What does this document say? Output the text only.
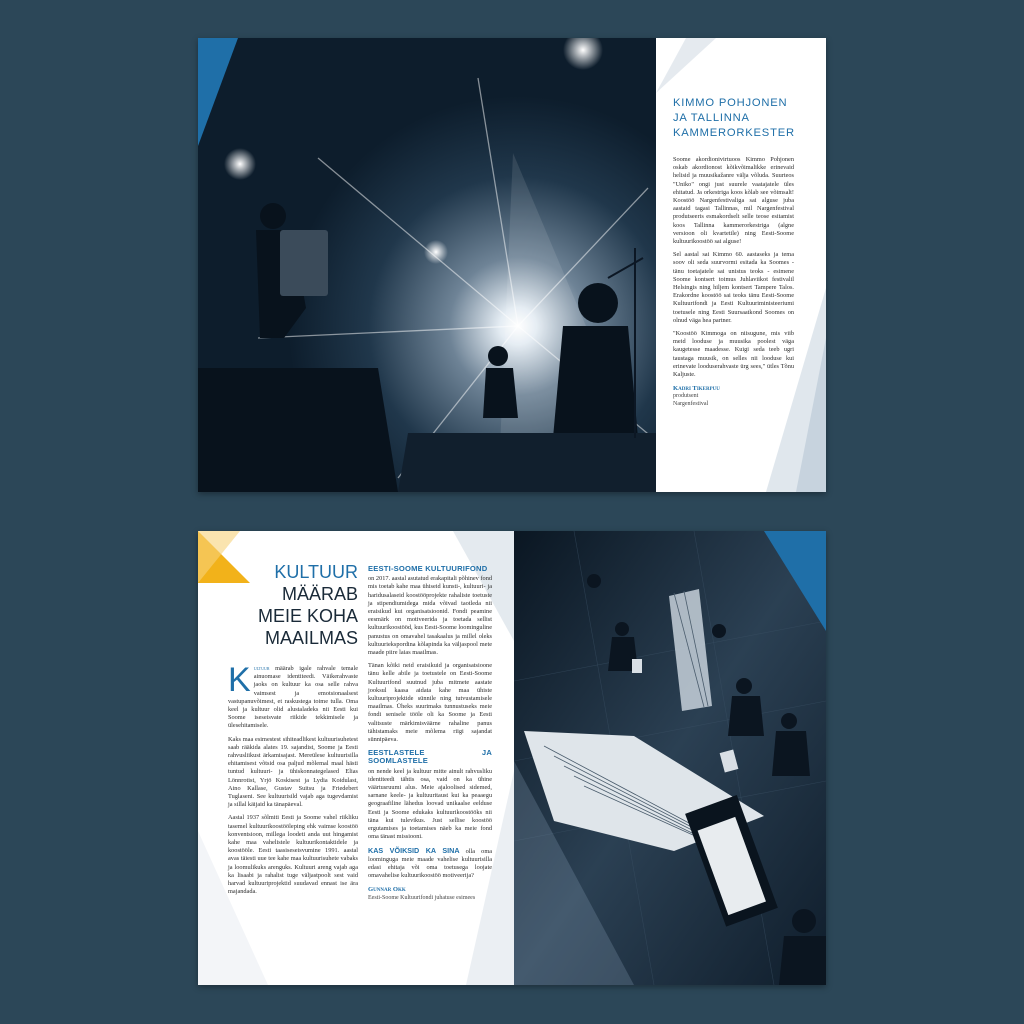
KIMMO POHJONEN
JA TALLINNA
KAMMERORKESTER

Soome akordionivirtuoos Kimmo Pohjonen oskab akordionost kõikvõimalikke erinevaid helisid ja muusikažanre välja võluda. Suurteos "Uniko" ongi just suurele vaatajatele üles ehitatud. Ja orkestriga koos kõlab see võimsalt! Koostöö Nargenfestivaliga sai alguse juba aastaid tagasi Tallinnas, mil Nargenfestival produtseeris esmakordselt selle teose esitamist koos Tallinna kammerorkestriga (algne versioon oli kvartetile) ning Eesti-Soome kultuurikoostöö sai alguse!

Sel aastal sai Kimmo 60. aastaseks ja tema soov oli seda suurvormi esitada ka Soomes - tänu toetajatele sai unistus teoks - esimene Soome kontsert toimus Juhlaviikot festivalil Helsingis ning hiljem kontsert Tampere Talos. Erakordne koostöö sai teoks tänu Eesti-Soome Kultuurifondi ja Eesti Kultuuriministeeriumi toetusele ning Eesti Suursaatkond Soomes on olnud väga hea partner.

"Koostöö Kimmoga on niisugune, mis viib meid looduse ja muusika poolest väga kaugetesse maadesse. Kuigi seda teeb ugri taustaga muusik, on selles nii looduse kui erinevate looduserahvaste ürg sees," ütles Tõnu Kaljuste.

Kadri Tikerpuu
produtsent
Nargenfestival
KULTUUR
MÄÄRAB
MEIE KOHA
MAAILMAS

Kultuur määrab igale rahvale temale ainuomase identiteedi. Väikerahvaste jaoks on kultuur ka osa selle rahva vaimsest ja emotsionaalsest vastupanuvõimest, et raskustega toime tulla. Oma keel ja kultuur olid alustaladeks nii Eesti kui Soome iseseisvate riikide tekkimisele ja ülesehitamisele.

Kaks maa esimestest sihiteadlikest kultuurisuhetest saab rääkida alates 19. sajandist, Soome ja Eesti rahvusliikust ärkamisajast. Mereülese kultuurisilla ehitamisest võtsid osa paljud mõlemal maal hästi tuntud kultuuri- ja ühiskonnategelased Elias Lönnrotist, Yrjö Koskisest ja Lydia Koidulast, Aino Kallase, Gustav Suitsu ja Friedebert Tuglaseni. See kultuurisild vajab aga tugevdamist ja sillal käijaid ka tänapäeval.

Aastal 1937 sõlmiti Eesti ja Soome vahel riikliku tasemel kultuurikoostööleping ehk vaimse koostöö konventsioon, millega loodeti anda uut hingamist kahe maa vahelistele kultuurikontaktidele ja koostööle. Eesti taasiseseisvumine 1991. aastal avas täiesti uue tee kahe maa kultuurisuhete vabaks ja loomulikuks arenguks. Kultuuri areng vajab aga ka lisaabi ja rahalist tuge väljastpoolt sest vaid harvad kultuuriprojektid suudavad ennast ise ära majandada.

EESTI-SOOME KULTUURIFOND

on 2017. aastal asutatud erakapitali põhinev fond mis toetab kahe maa ühiseid kunsti-, kultuuri- ja haridusalaseid koostööprojekte rahaliste toetuste ja stipendiumidega mida võivad taotleda nii eraisikud kui organisatsioonid. Fondi peamine eesmärk on motiveerida ja toetada sellist kultuurikoostööd, kus Eesti-Soome loominguline panustus on omavahel tasakaalus ja millel oleks kultuuriekspordina kõlapinda ka väljaspool mete maade piire laias maailmas.

Tänan kõiki neid eraisikuid ja organisatsioone tänu kelle abile ja toetustele on Eesti-Soome Kultuurifond suutnud juba mitmete aastate jooksul kaasa aidata kahe maa ühiste kultuuriprojektide sünnile ning tutvustamisele maailmas. Üheks suurimaks tunnustuseks meie fondi senisele tööle oli ka Soome ja Eesti valitsuste märkimisväärne rahaline panus tähistamaks meie mõlema riigi sajandat sünnipäeva.

EESTLASTELE JA SOOMLASTELE

on nende keel ja kultuur mitte ainult rahvusliku identiteedi tähtis osa, vaid on ka ühine väärtusruumi alus. Meie ajaloolised sidemed, sarnane keele- ja kultuuritaust kui ka peaaegu geograafiline lähedus loovad unikaalse eelduse Eesti ja Soome edukaks kultuurikoostööks nii täna kui tulevikus. Just sellise koostöö ergutamises ja toetamises näeb ka meie fond oma tänast missiooni.

KAS VÕIKSID KA SINA olla oma loominguga meie maade vahelise kultuurisilla edasi ehitaja või oma toetusega loojate omavahelise kultuurikoostöö motiveerija?

Gunnar Okk
Eesti-Soome Kultuurifondi juhatuse esimees
